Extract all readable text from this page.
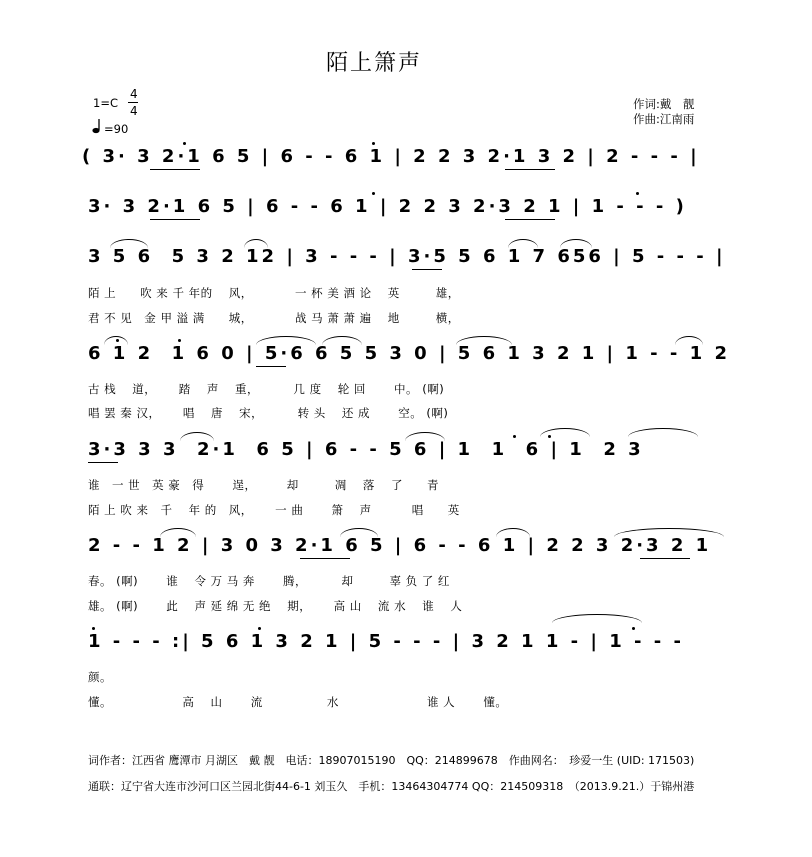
陌上箫声
1=C
4
4
=90
作词:戴　靓
作曲:江南雨
( 3· 3 2·1 6 5 | 6 - - 6 1 | 2 2 3 2·1 3 2 | 2 - - - |
3· 3 2·1 6 5 | 6 - - 6 1 | 2 2 3 2·3 2 1 | 1 - - - )
3 5 6  5 3 2 12 | 3 - - - | 3·5 5 6 1 7 656 | 5 - - - |
陌 上　　吹 来 千 年的　 风，　　　　一 杯 美 酒 论　 英　　　雄，
君 不 见　金 甲 溢 满　　城，　　　　战 马 萧 萧 遍　 地　　　横，
6 1 2  1 6 0 | 5·6 6 5 5 3 0 | 5 6 1 3 2 1 | 1 - - 1 2
古 栈　 道，　　 踏　 声　 重，　　　 几 度　 轮 回　　 中。 (啊)
唱 罢 秦 汉，　　 唱　 唐　 宋，　　　 转 头　 还 成　　 空。 (啊)
3·3 3 3  2·1  6 5 | 6 - - 5 6 | 1  1  6 | 1  2 3
谁　一 世　英 豪　得　　 逞，　　　却　　　凋　 落　 了　　青
陌 上 吹 来　千　 年 的　风，　　 一 曲　　 箫　 声　　　 唱　　英
2 - - 1 2 | 3 0 3 2·1 6 5 | 6 - - 6 1 | 2 2 3 2·3 2 1
春。 (啊)　　 谁　 令 万 马 奔　　 腾，　　　 却　　　辜 负 了 红
雄。 (啊)　　 此　 声 延 绵 无 绝　 期，　　 高 山　 流 水　 谁　 人
1 - - - :| 5 6 1 3 2 1 | 5 - - - | 3 2 1 1 - | 1 - - -
颜。
懂。　　　　　　 高　 山　　 流　　　　　 水　　　　　　　 谁 人　　 懂。
词作者：江西省 鹰潭市 月湖区　戴 靓　电话：18907015190　QQ：214899678　作曲网名：　珍爱一生 (UID: 171503)
通联：辽宁省大连市沙河口区兰园北街44-6-1 刘玉久　手机：13464304774 QQ：214509318　（2013.9.21.）于锦州港
